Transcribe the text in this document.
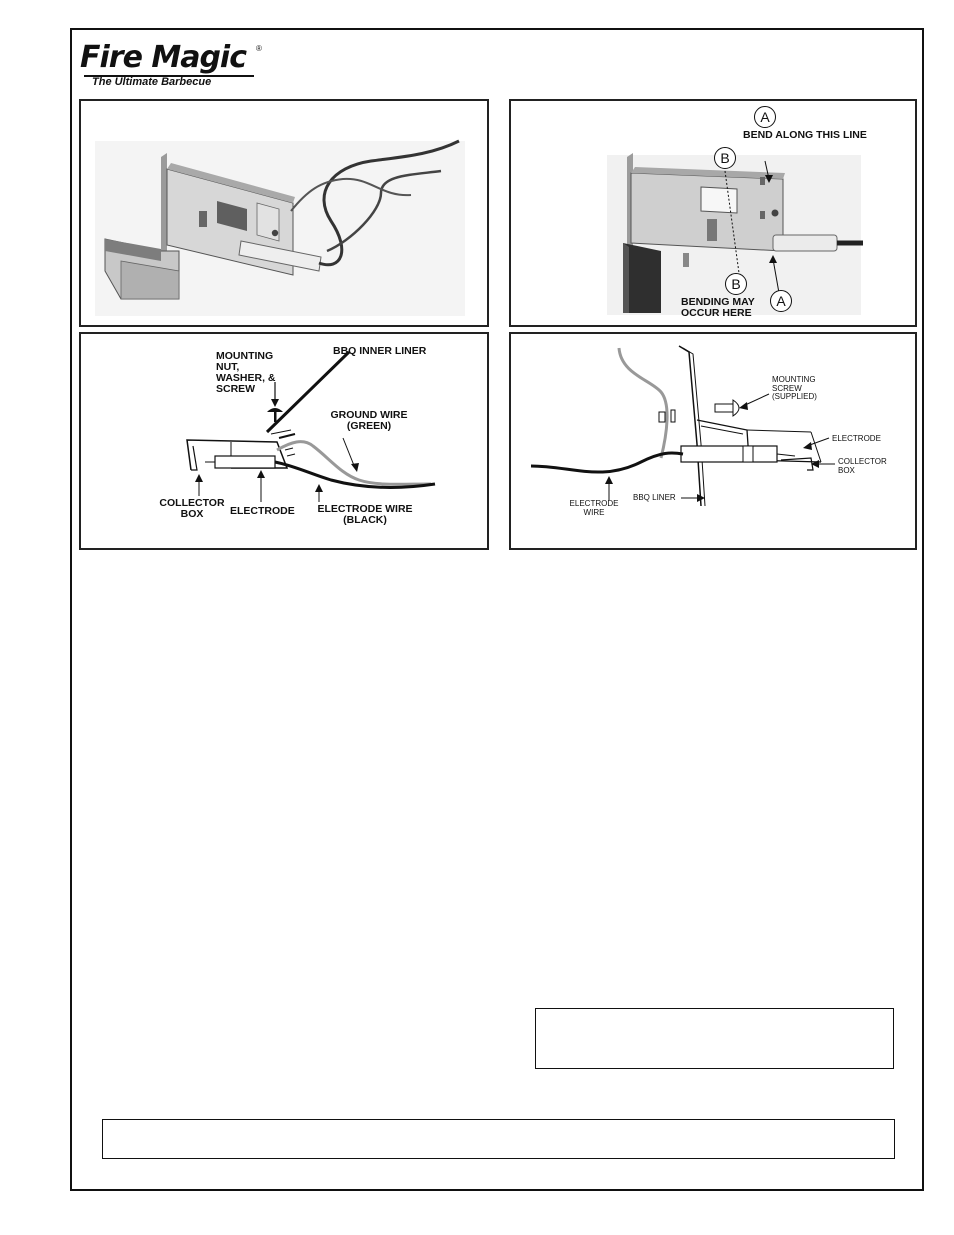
Fire Magic ®
The Ultimate Barbecue
A
BEND ALONG THIS LINE
B
B
BENDING MAY OCCUR HERE
A
MOUNTING NUT, WASHER, & SCREW
BBQ INNER LINER
GROUND WIRE (GREEN)
COLLECTOR BOX	ELECTRODE	ELECTRODE WIRE (BLACK)
MOUNTING SCREW (SUPPLIED)
ELECTRODE
COLLECTOR BOX
ELECTRODE WIRE
BBQ LINER
